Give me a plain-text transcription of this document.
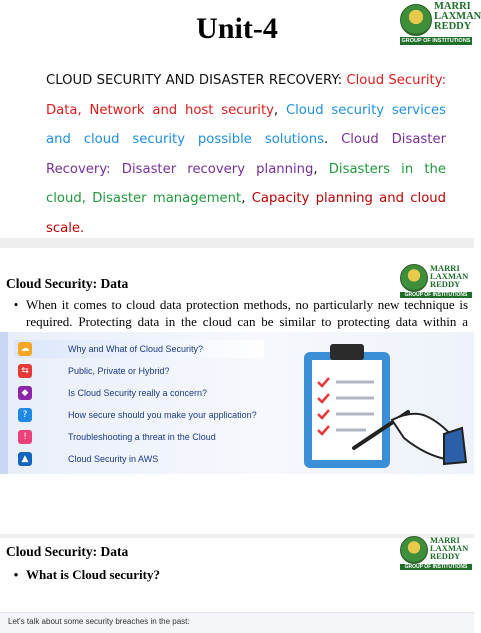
Unit-4
MARRI
LAXMAN
REDDY
GROUP OF INSTITUTIONS
CLOUD SECURITY AND DISASTER RECOVERY: Cloud Security: Data, Network and host security, Cloud security services and cloud security possible solutions. Cloud Disaster Recovery: Disaster recovery planning, Disasters in the cloud, Disaster management, Capacity planning and cloud scale.
Cloud Security: Data
MARRI
LAXMAN
REDDY
GROUP OF INSTITUTIONS
• When it comes to cloud data protection methods, no particularly new technique is required. Protecting data in the cloud can be similar to protecting data within a
☁	Why and What of Cloud Security?
⇆	Public, Private or Hybrid?
◆	Is Cloud Security really a concern?
?	How secure should you make your application?
!	Troubleshooting a threat in the Cloud
▲	Cloud Security in AWS
Cloud Security: Data
MARRI
LAXMAN
REDDY
GROUP OF INSTITUTIONS
• What is Cloud security?
Let's talk about some security breaches in the past:
